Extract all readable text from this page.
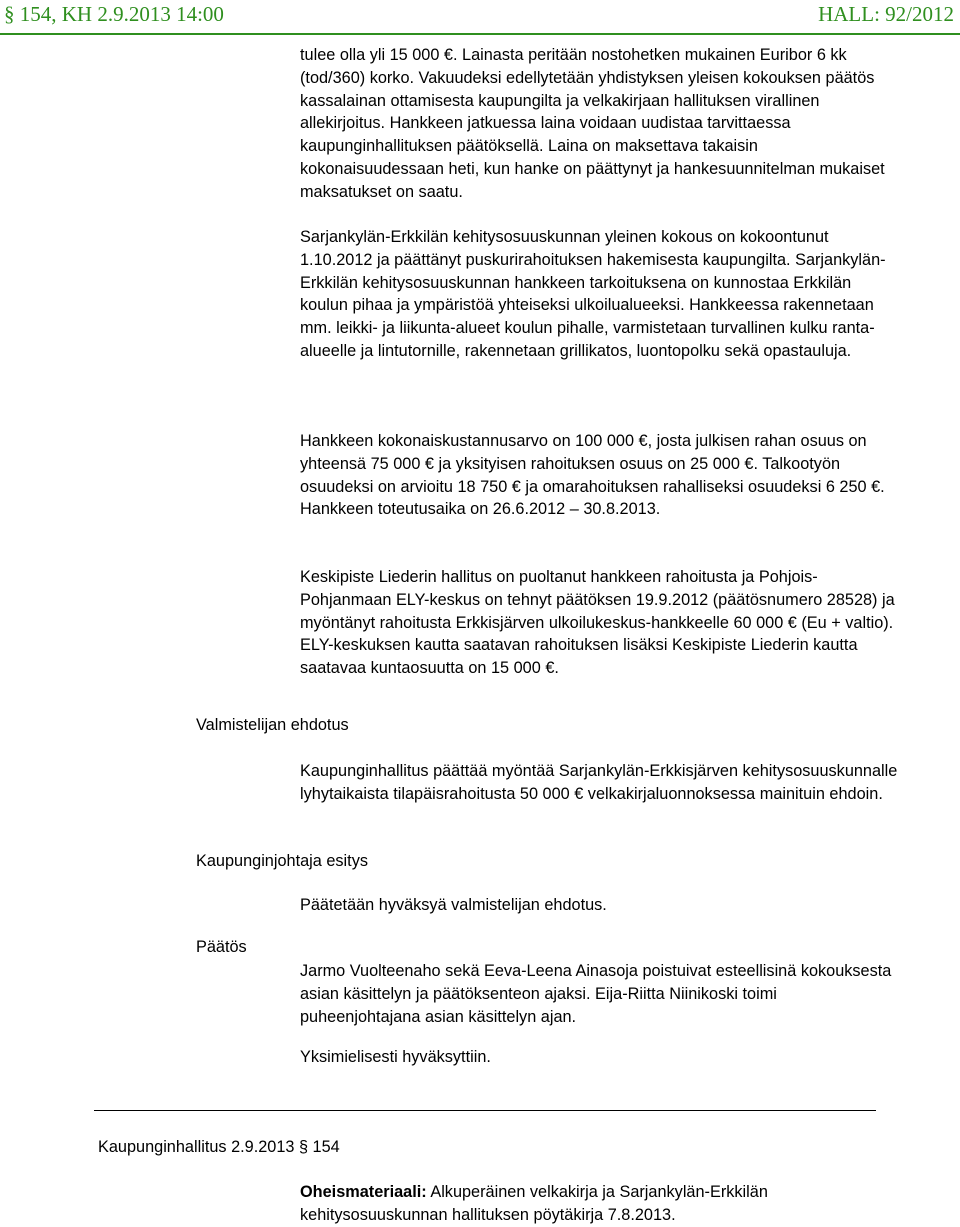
§ 154, KH 2.9.2013 14:00	HALL: 92/2012

tulee olla yli 15 000 €. Lainasta peritään nostohetken mukainen Euribor 6 kk (tod/360) korko. Vakuudeksi edellytetään yhdistyksen yleisen kokouksen päätös kassalainan ottamisesta kaupungilta ja velkakirjaan hallituksen virallinen allekirjoitus. Hankkeen jatkuessa laina voidaan uudistaa tarvittaessa kaupunginhallituksen päätöksellä. Laina on maksettava takaisin kokonaisuudessaan heti, kun hanke on päättynyt ja hankesuunnitelman mukaiset maksatukset on saatu.

Sarjankylän-Erkkilän kehitysosuuskunnan yleinen kokous on kokoontunut 1.10.2012 ja päättänyt puskurirahoituksen hakemisesta kaupungilta. Sarjankylän-Erkkilän kehitysosuuskunnan hankkeen tarkoituksena on kunnostaa Erkkilän koulun pihaa ja ympäristöä yhteiseksi ulkoilualueeksi. Hankkeessa rakennetaan mm. leikki- ja liikunta-alueet koulun pihalle, varmistetaan turvallinen kulku ranta-alueelle ja lintutornille, rakennetaan grillikatos, luontopolku sekä opastauluja.

Hankkeen kokonaiskustannusarvo on 100 000 €, josta julkisen rahan osuus on yhteensä 75 000 € ja yksityisen rahoituksen osuus on 25 000 €. Talkootyön osuudeksi on arvioitu 18 750 € ja omarahoituksen rahalliseksi osuudeksi 6 250 €. Hankkeen toteutusaika on 26.6.2012 – 30.8.2013.

Keskipiste Liederin hallitus on puoltanut hankkeen rahoitusta ja Pohjois-Pohjanmaan ELY-keskus on tehnyt päätöksen 19.9.2012 (päätösnumero 28528) ja myöntänyt rahoitusta Erkkisjärven ulkoilukeskus-hankkeelle 60 000 € (Eu + valtio). ELY-keskuksen kautta saatavan rahoituksen lisäksi Keskipiste Liederin kautta saatavaa kuntaosuutta on 15 000 €.

Valmistelijan ehdotus

Kaupunginhallitus päättää myöntää Sarjankylän-Erkkisjärven kehitysosuuskunnalle lyhytaikaista tilapäisrahoitusta 50 000 € velkakirjaluonnoksessa mainituin ehdoin.

Kaupunginjohtaja esitys

Päätetään hyväksyä valmistelijan ehdotus.

Päätös

Jarmo Vuolteenaho sekä Eeva-Leena Ainasoja poistuivat esteellisinä kokouksesta asian käsittelyn ja päätöksenteon ajaksi. Eija-Riitta Niinikoski toimi puheenjohtajana asian käsittelyn ajan.

Yksimielisesti hyväksyttiin.

Kaupunginhallitus 2.9.2013 § 154

Oheismateriaali: Alkuperäinen velkakirja ja Sarjankylän-Erkkilän kehitysosuuskunnan hallituksen pöytäkirja 7.8.2013.
